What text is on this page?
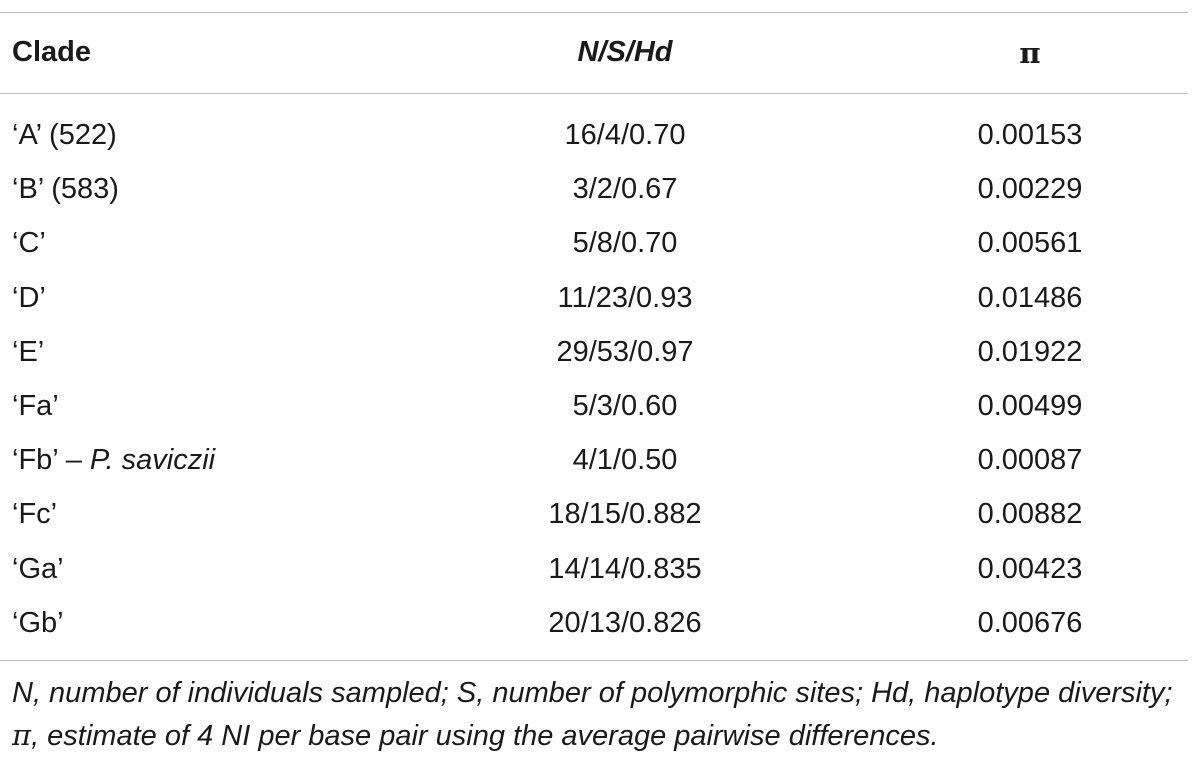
Clade	N/S/Hd	π
‘A’ (522)	16/4/0.70	0.00153
‘B’ (583)	3/2/0.67	0.00229
‘C’	5/8/0.70	0.00561
‘D’	11/23/0.93	0.01486
‘E’	29/53/0.97	0.01922
‘Fa’	5/3/0.60	0.00499
‘Fb’ – P. saviczii	4/1/0.50	0.00087
‘Fc’	18/15/0.882	0.00882
‘Ga’	14/14/0.835	0.00423
‘Gb’	20/13/0.826	0.00676
N, number of individuals sampled; S, number of polymorphic sites; Hd, haplotype diversity; π, estimate of 4 NI per base pair using the average pairwise differences.
